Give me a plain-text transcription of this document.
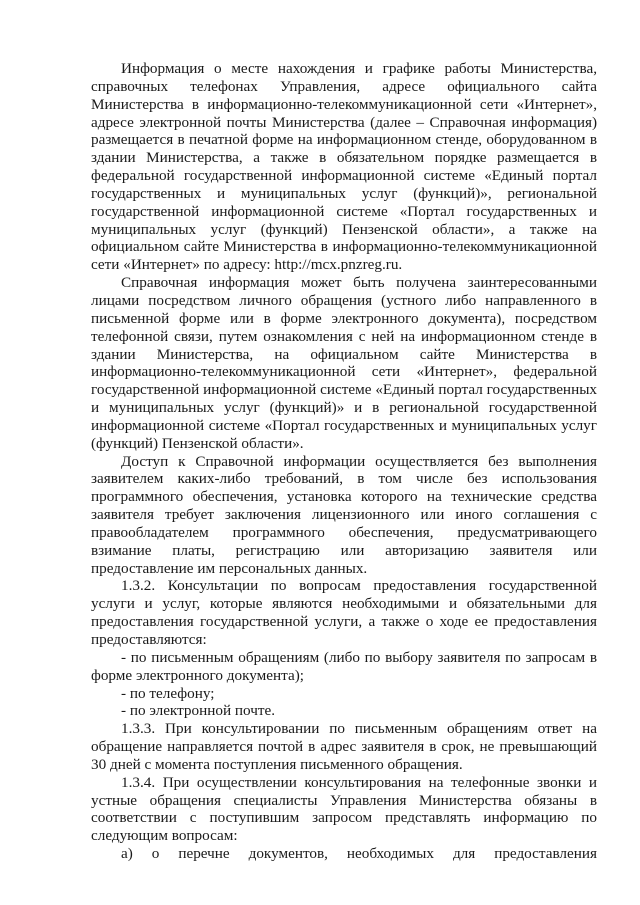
Информация о месте нахождения и графике работы Министерства, справочных телефонах Управления, адресе официального сайта Министерства в информационно-телекоммуникационной сети «Интернет», адресе электронной почты Министерства (далее – Справочная информация) размещается в печатной форме на информационном стенде, оборудованном в здании Министерства, а также в обязательном порядке размещается в федеральной государственной информационной системе «Единый портал государственных и муниципальных услуг (функций)», региональной государственной информационной системе «Портал государственных и муниципальных услуг (функций) Пензенской области», а также на официальном сайте Министерства в информационно-телекоммуникационной сети «Интернет» по адресу: http://mcx.pnzreg.ru.

Справочная информация может быть получена заинтересованными лицами посредством личного обращения (устного либо направленного в письменной форме или в форме электронного документа), посредством телефонной связи, путем ознакомления с ней на информационном стенде в здании Министерства, на официальном сайте Министерства в информационно-телекоммуникационной сети «Интернет», федеральной государственной информационной системе «Единый портал государственных и муниципальных услуг (функций)» и в региональной государственной информационной системе «Портал государственных и муниципальных услуг (функций) Пензенской области».

Доступ к Справочной информации осуществляется без выполнения заявителем каких-либо требований, в том числе без использования программного обеспечения, установка которого на технические средства заявителя требует заключения лицензионного или иного соглашения с правообладателем программного обеспечения, предусматривающего взимание платы, регистрацию или авторизацию заявителя или предоставление им персональных данных.

1.3.2. Консультации по вопросам предоставления государственной услуги и услуг, которые являются необходимыми и обязательными для предоставления государственной услуги, а также о ходе ее предоставления предоставляются:

- по письменным обращениям (либо по выбору заявителя по запросам в форме электронного документа);

- по телефону;

- по электронной почте.

1.3.3. При консультировании по письменным обращениям ответ на обращение направляется почтой в адрес заявителя в срок, не превышающий 30 дней с момента поступления письменного обращения.

1.3.4. При осуществлении консультирования на телефонные звонки и устные обращения специалисты Управления Министерства обязаны в соответствии с поступившим запросом представлять информацию по следующим вопросам:

а) о перечне документов, необходимых для предоставления
